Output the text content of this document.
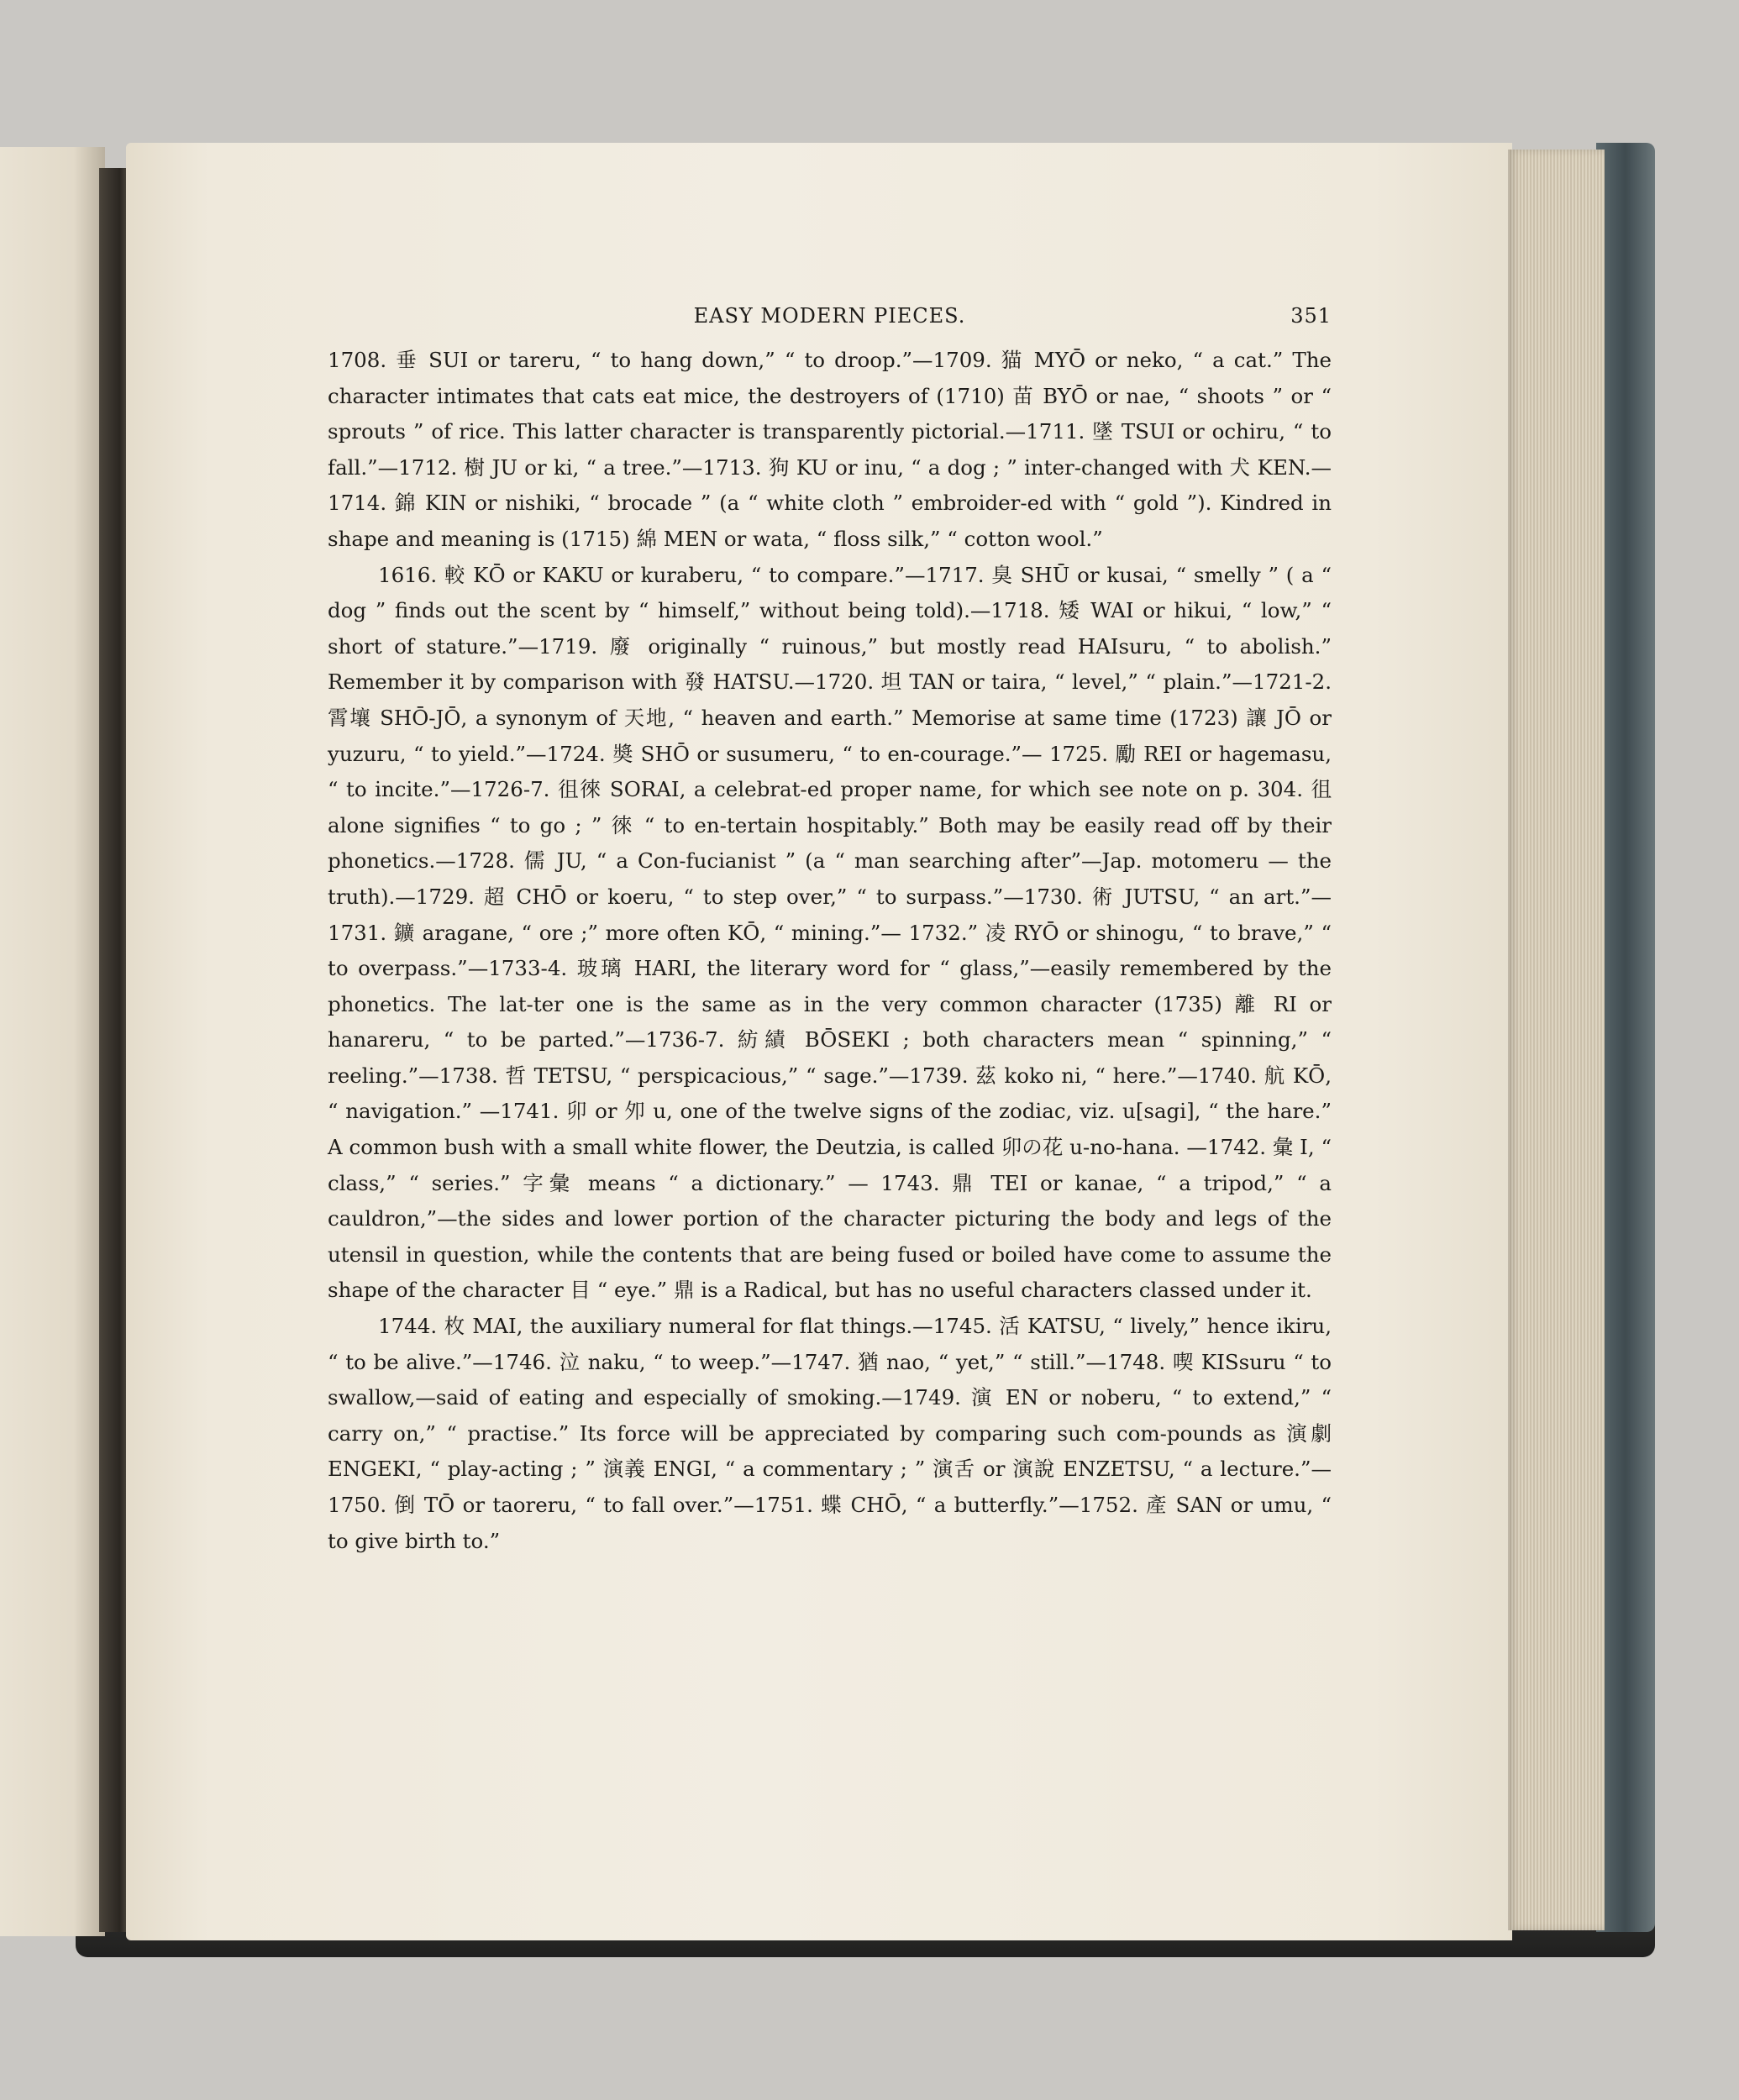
EASY MODERN PIECES.	351

1708. 垂 SUI or tareru, “ to hang down,” “ to droop.”—1709. 猫 MYŌ or neko, “ a cat.” The character intimates that cats eat mice, the destroyers of (1710) 苗 BYŌ or nae, “ shoots ” or “ sprouts ” of rice. This latter character is transparently pictorial.—1711. 墜 TSUI or ochiru, “ to fall.”—1712. 樹 JU or ki, “ a tree.”—1713. 狗 KU or inu, “ a dog ; ” inter-changed with 犬 KEN.—1714. 錦 KIN or nishiki, “ brocade ” (a “ white cloth ” embroider-ed with “ gold ”). Kindred in shape and meaning is (1715) 綿 MEN or wata, “ floss silk,” “ cotton wool.”

1616. 較 KŌ or KAKU or kuraberu, “ to compare.”—1717. 臭 SHŪ or kusai, “ smelly ” ( a “ dog ” finds out the scent by “ himself,” without being told).—1718. 矮 WAI or hikui, “ low,” “ short of stature.”—1719. 廢 originally “ ruinous,” but mostly read HAIsuru, “ to abolish.” Remember it by comparison with 發 HATSU.—1720. 坦 TAN or taira, “ level,” “ plain.”—1721-2. 霄壤 SHŌ-JŌ, a synonym of 天地, “ heaven and earth.” Memorise at same time (1723) 讓 JŌ or yuzuru, “ to yield.”—1724. 奬 SHŌ or susumeru, “ to en-courage.”— 1725. 勵 REI or hagemasu, “ to incite.”—1726-7. 徂徠 SORAI, a celebrat-ed proper name, for which see note on p. 304. 徂 alone signifies “ to go ; ” 徠 “ to en-tertain hospitably.” Both may be easily read off by their phonetics.—1728. 儒 JU, “ a Con-fucianist ” (a “ man searching after”—Jap. motomeru — the truth).—1729. 超 CHŌ or koeru, “ to step over,” “ to surpass.”—1730. 術 JUTSU, “ an art.”—1731. 鑛 aragane, “ ore ;” more often KŌ, “ mining.”— 1732.” 凌 RYŌ or shinogu, “ to brave,” “ to overpass.”—1733-4. 玻璃 HARI, the literary word for “ glass,”—easily remembered by the phonetics. The lat-ter one is the same as in the very common character (1735) 離 RI or hanareru, “ to be parted.”—1736-7. 紡績 BŌSEKI ; both characters mean “ spinning,” “ reeling.”—1738. 哲 TETSU, “ perspicacious,” “ sage.”—1739. 茲 koko ni, “ here.”—1740. 航 KŌ, “ navigation.” —1741. 卯 or 夘 u, one of the twelve signs of the zodiac, viz. u[sagi], “ the hare.” A common bush with a small white flower, the Deutzia, is called 卯の花 u-no-hana. —1742. 彙 I, “ class,” “ series.” 字彙 means “ a dictionary.” — 1743. 鼎 TEI or kanae, “ a tripod,” “ a cauldron,”—the sides and lower portion of the character picturing the body and legs of the utensil in question, while the contents that are being fused or boiled have come to assume the shape of the character 目 “ eye.” 鼎 is a Radical, but has no useful characters classed under it.

1744. 枚 MAI, the auxiliary numeral for flat things.—1745. 活 KATSU, “ lively,” hence ikiru, “ to be alive.”—1746. 泣 naku, “ to weep.”—1747. 猶 nao, “ yet,” “ still.”—1748. 喫 KISsuru “ to swallow,—said of eating and especially of smoking.—1749. 演 EN or noberu, “ to extend,” “ carry on,” “ practise.” Its force will be appreciated by comparing such com-pounds as 演劇 ENGEKI, “ play-acting ; ” 演義 ENGI, “ a commentary ; ” 演舌 or 演說 ENZETSU, “ a lecture.”—1750. 倒 TŌ or taoreru, “ to fall over.”—1751. 蝶 CHŌ, “ a butterfly.”—1752. 產 SAN or umu, “ to give birth to.”
